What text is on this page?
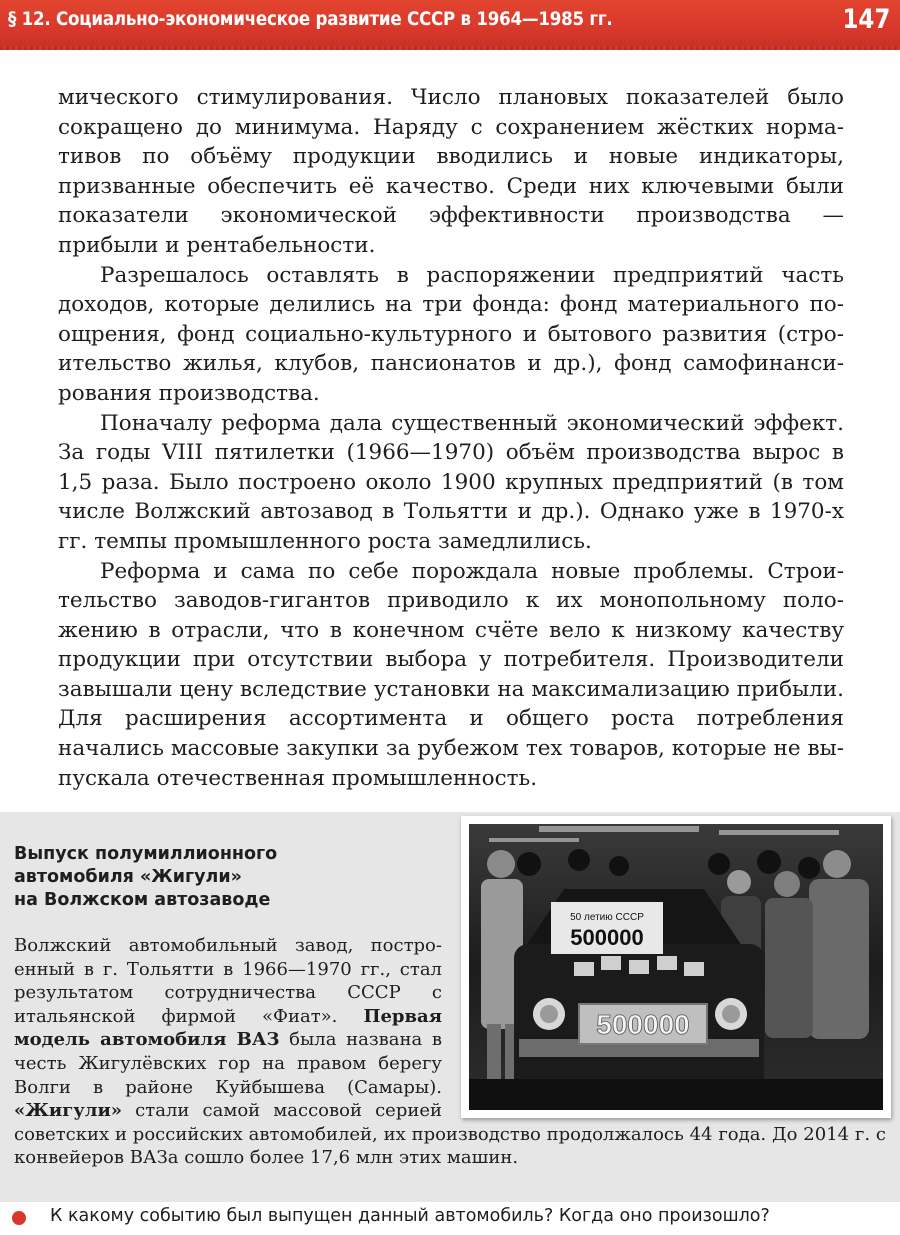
§ 12. Социально-экономическое развитие СССР в 1964—1985 гг.	147

мического стимулирования. Число плановых показателей было сокращено до минимума. Наряду с сохранением жёстких нормативов по объёму продукции вводились и новые индикаторы, призванные обеспечить её качество. Среди них ключевыми были показатели экономической эффективности производства — прибыли и рентабельности.

Разрешалось оставлять в распоряжении предприятий часть доходов, которые делились на три фонда: фонд материального поощрения, фонд социально-культурного и бытового развития (строительство жилья, клубов, пансионатов и др.), фонд самофинансирования производства.

Поначалу реформа дала существенный экономический эффект. За годы VIII пятилетки (1966—1970) объём производства вырос в 1,5 раза. Было построено около 1900 крупных предприятий (в том числе Волжский автозавод в Тольятти и др.). Однако уже в 1970-х гг. темпы промышленного роста замедлились.

Реформа и сама по себе порождала новые проблемы. Строительство заводов-гигантов приводило к их монопольному положению в отрасли, что в конечном счёте вело к низкому качеству продукции при отсутствии выбора у потребителя. Производители завышали цену вследствие установки на максимализацию прибыли. Для расширения ассортимента и общего роста потребления начались массовые закупки за рубежом тех товаров, которые не выпускала отечественная промышленность.

Выпуск полумиллионного
автомобиля «Жигули»
на Волжском автозаводе

Волжский автомобильный завод, построенный в г. Тольятти в 1966—1970 гг., стал результатом сотрудничества СССР с итальянской фирмой «Фиат». Первая модель автомобиля ВАЗ была названа в честь Жигулёвских гор на правом берегу Волги в районе Куйбышева (Самары). «Жигули» стали самой массовой серией советских и российских автомобилей, их производство продолжалось 44 года. До 2014 г. с конвейеров ВАЗа сошло более 17,6 млн этих машин.

50 летию СССР
500000
500000
К какому событию был выпущен данный автомобиль? Когда оно произошло?
